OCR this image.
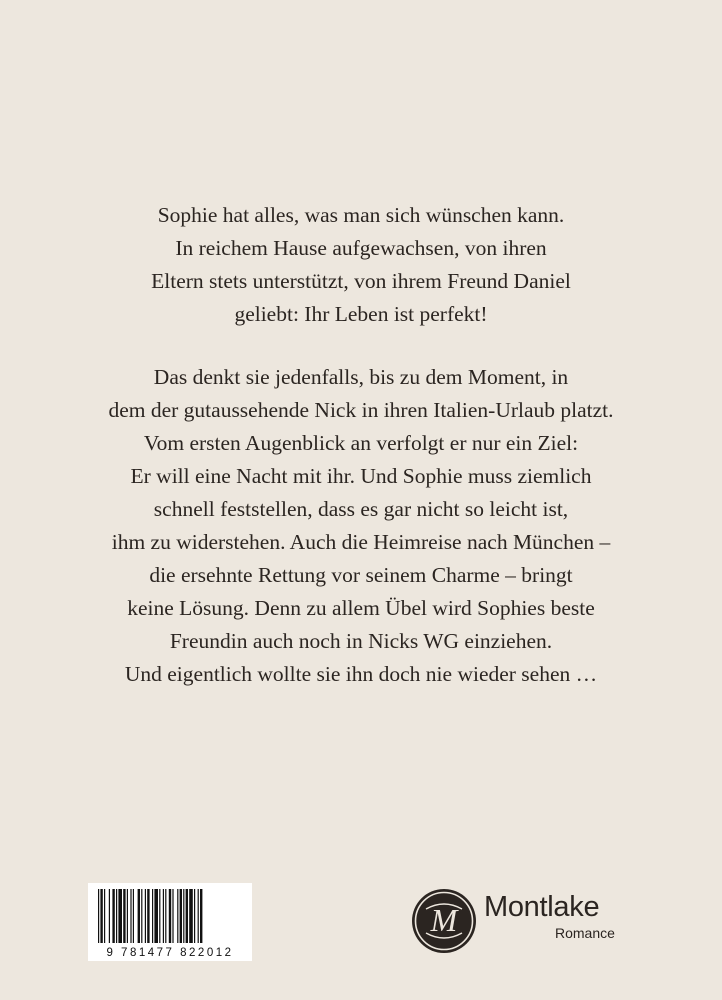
Sophie hat alles, was man sich wünschen kann.
In reichem Hause aufgewachsen, von ihren
Eltern stets unterstützt, von ihrem Freund Daniel
geliebt: Ihr Leben ist perfekt!

Das denkt sie jedenfalls, bis zu dem Moment, in
dem der gutaussehende Nick in ihren Italien-Urlaub platzt.
Vom ersten Augenblick an verfolgt er nur ein Ziel:
Er will eine Nacht mit ihr. Und Sophie muss ziemlich
schnell feststellen, dass es gar nicht so leicht ist,
ihm zu widerstehen. Auch die Heimreise nach München –
die ersehnte Rettung vor seinem Charme – bringt
keine Lösung. Denn zu allem Übel wird Sophies beste
Freundin auch noch in Nicks WG einziehen.
Und eigentlich wollte sie ihn doch nie wieder sehen …

9 781477 822012
M Montlake
Romance
